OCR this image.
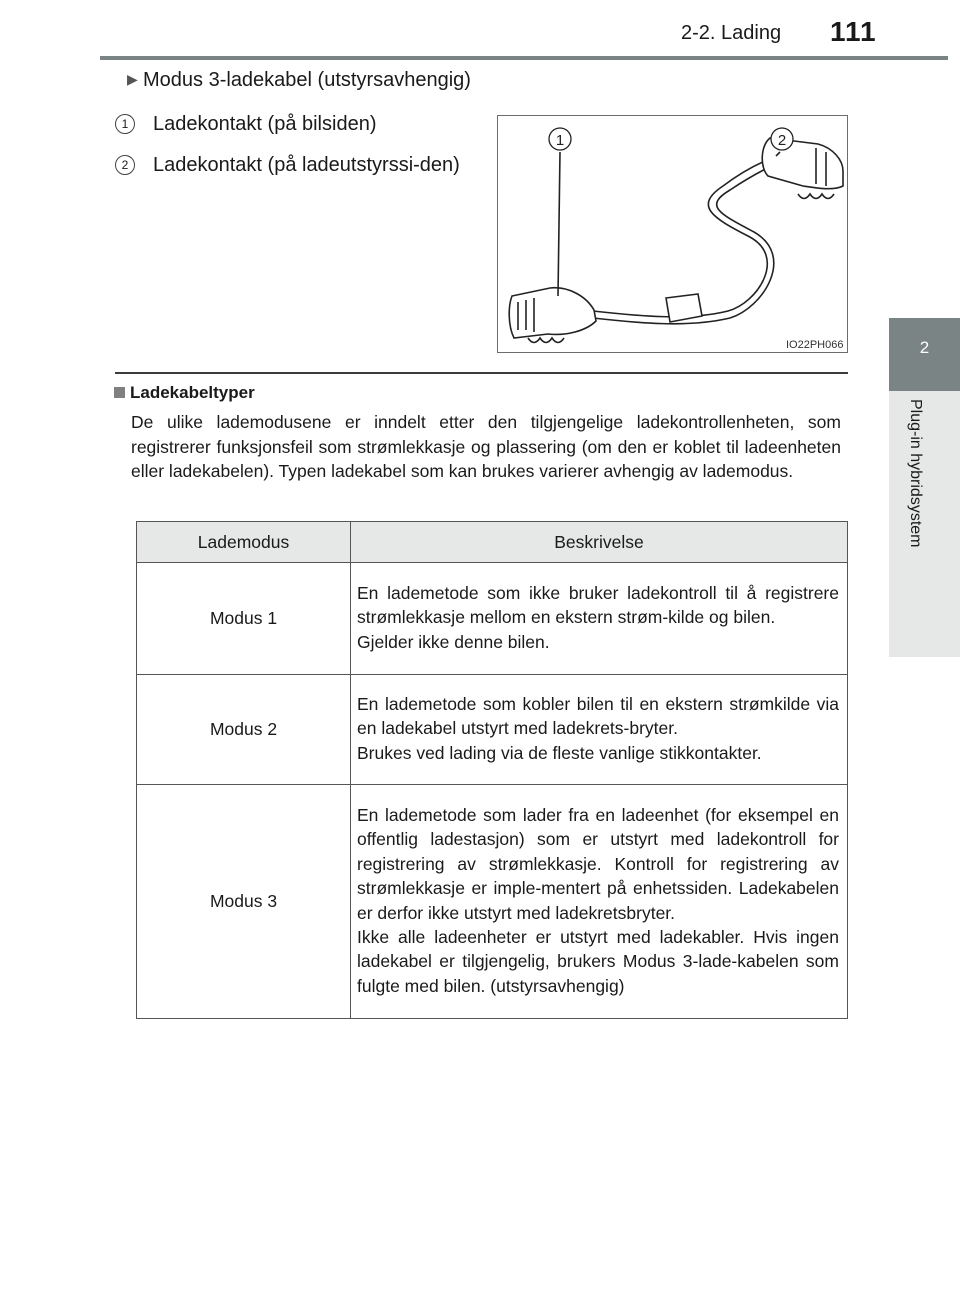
2-2. Lading 111
2
Plug-in hybridsystem
▶ Modus 3-ladekabel (utstyrsavhengig)
1	Ladekontakt (på bilsiden)
2	Ladekontakt (på ladeutstyrssi-den)
1	2
IO22PH066
Ladekabeltyper
De ulike lademodusene er inndelt etter den tilgjengelige ladekontrollenheten, som registrerer funksjonsfeil som strømlekkasje og plassering (om den er koblet til ladeenheten eller ladekabelen). Typen ladekabel som kan brukes varierer avhengig av lademodus.
Lademodus	Beskrivelse
Modus 1	En lademetode som ikke bruker ladekontroll til å registrere strømlekkasje mellom en ekstern strøm-kilde og bilen.
Gjelder ikke denne bilen.

Modus 2	En lademetode som kobler bilen til en ekstern strømkilde via en ladekabel utstyrt med ladekrets-bryter.
Brukes ved lading via de fleste vanlige stikkontakter.

Modus 3	En lademetode som lader fra en ladeenhet (for eksempel en offentlig ladestasjon) som er utstyrt med ladekontroll for registrering av strømlekkasje. Kontroll for registrering av strømlekkasje er imple-mentert på enhetssiden. Ladekabelen er derfor ikke utstyrt med ladekretsbryter.
Ikke alle ladeenheter er utstyrt med ladekabler. Hvis ingen ladekabel er tilgjengelig, brukers Modus 3-lade-kabelen som fulgte med bilen. (utstyrsavhengig)
